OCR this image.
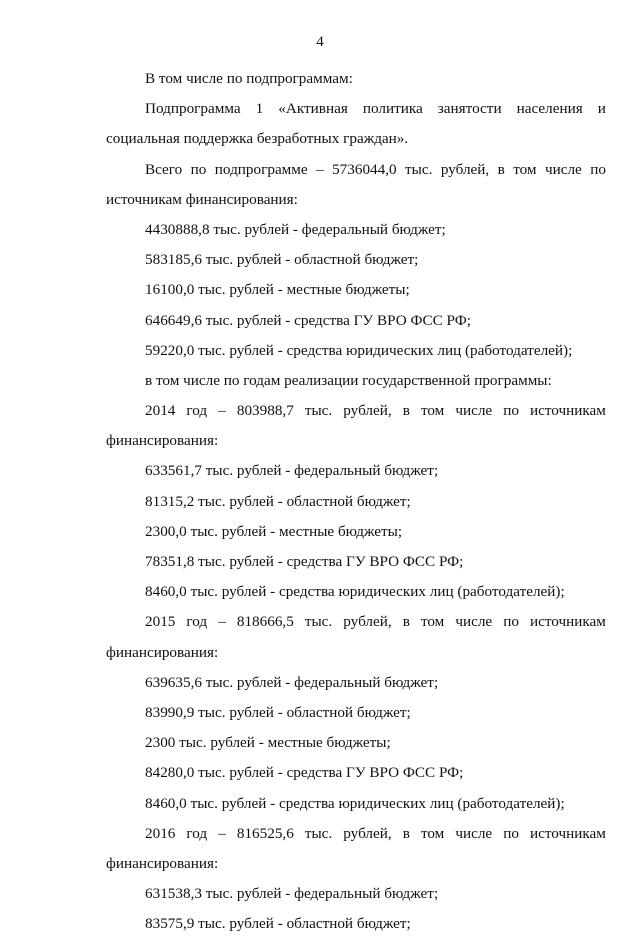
4
В том числе по подпрограммам:
Подпрограмма 1 «Активная политика занятости населения и
социальная поддержка безработных граждан».
Всего по подпрограмме – 5736044,0 тыс. рублей, в том числе по
источникам финансирования:
4430888,8 тыс. рублей - федеральный бюджет;
583185,6 тыс. рублей - областной бюджет;
16100,0 тыс. рублей - местные бюджеты;
646649,6 тыс. рублей - средства ГУ ВРО ФСС РФ;
59220,0 тыс. рублей - средства юридических лиц (работодателей);
в том числе по годам реализации государственной программы:
2014 год – 803988,7 тыс. рублей, в том числе по источникам
финансирования:
633561,7 тыс. рублей - федеральный бюджет;
81315,2 тыс. рублей - областной бюджет;
2300,0 тыс. рублей - местные бюджеты;
78351,8 тыс. рублей - средства ГУ ВРО ФСС РФ;
8460,0 тыс. рублей - средства юридических лиц (работодателей);
2015 год – 818666,5 тыс. рублей, в том числе по источникам
финансирования:
639635,6 тыс. рублей - федеральный бюджет;
83990,9 тыс. рублей - областной бюджет;
2300 тыс. рублей - местные бюджеты;
84280,0 тыс. рублей - средства ГУ ВРО ФСС РФ;
8460,0 тыс. рублей - средства юридических лиц (работодателей);
2016 год – 816525,6 тыс. рублей, в том числе по источникам
финансирования:
631538,3 тыс. рублей - федеральный бюджет;
83575,9 тыс. рублей - областной бюджет;
